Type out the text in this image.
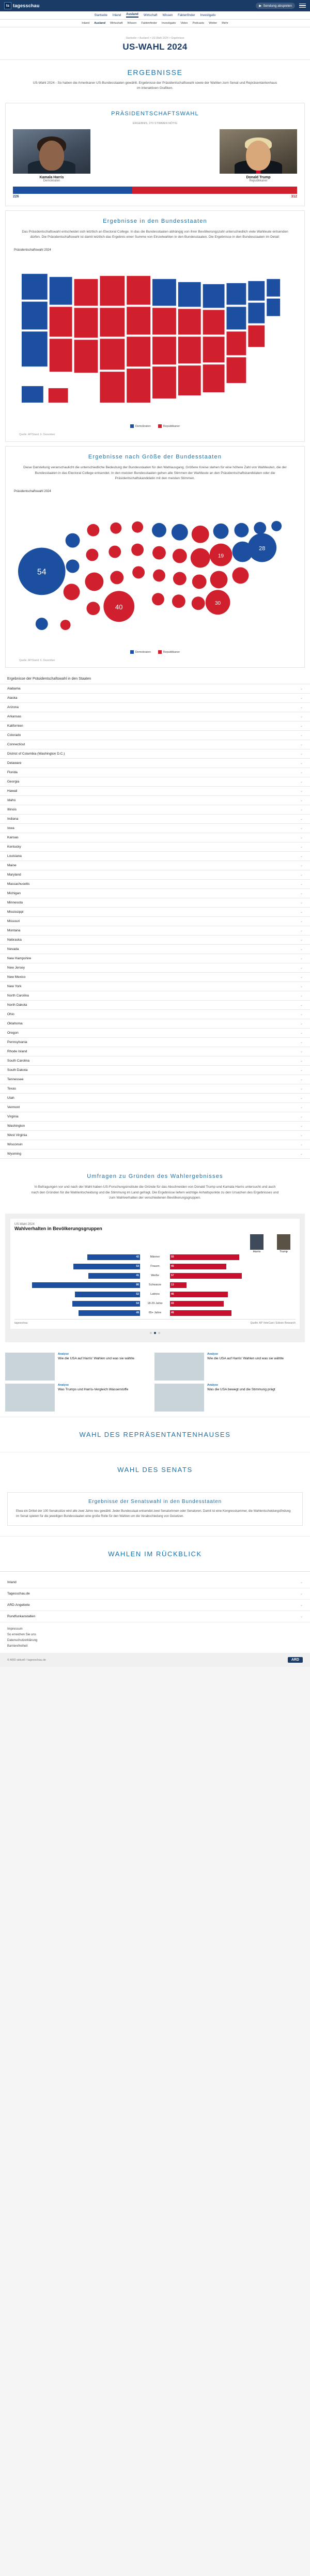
ts tagesschau	▶ Sendung abspielen
Startseite Inland Ausland Wirtschaft Wissen Faktenfinder Investigativ
Inland Ausland Wirtschaft Wissen Faktenfinder Investigativ Video Podcasts Wetter Mehr
Startseite > Ausland > US-Wahl 2024 > Ergebnisse
US-WAHL 2024
ERGEBNISSE
US-Wahl 2024 - So haben die Amerikaner US-Bundesstaaten gewählt. Ergebnisse der Präsidentschaftswahl sowie der Wahlen zum Senat und Repräsentantenhaus im interaktiven Grafiken.
PRÄSIDENTSCHAFTSWAHL
ERGEBNIS, 270 STIMMEN NÖTIG
Kamala Harris
Demokraten
Donald Trump
Republikaner
226	312
Ergebnisse in den Bundesstaaten
Das Präsidentschaftswahl entscheidet sich letztlich an Electoral College. In das die Bundesstaaten abhängig von ihrer Bevölkerungszahl unterschiedlich viele Wahlleute entsenden dürfen. Die Präsidentschaftswahl ist damit letztlich das Ergebnis einer Summe von Einzelwahlen in den Bundesstaaten. Die Ergebnisse in den Bundesstaaten im Detail:
Präsidentschaftswahl 2024
Demokraten	Republikaner
Quelle: AP/Stand: 6. Dezember
Ergebnisse nach Größe der Bundesstaaten
Diese Darstellung veranschaulicht die unterschiedliche Bedeutung der Bundesstaaten für den Wahlausgang. Größere Kreise stehen für eine höhere Zahl von Wahlleuten, die der Bundesstaaten in das Electoral College entsendet. In den meisten Bundesstaaten gehen alle Stimmen der Wahlleute an den Präsidentschaftskandidaten oder die Präsidentschaftskandidatin mit den meisten Stimmen.
Präsidentschaftswahl 2024
54
40
19
30
28
Demokraten	Republikaner
Quelle: AP/Stand: 6. Dezember
Ergebnisse der Präsidentschaftswahl in den Staaten
Alabama	⌄
Alaska	⌄
Arizona	⌄
Arkansas	⌄
Kalifornien	⌄
Colorado	⌄
Connecticut	⌄
District of Columbia (Washington D.C.)	⌄
Delaware	⌄
Florida	⌄
Georgia	⌄
Hawaii	⌄
Idaho	⌄
Illinois	⌄
Indiana	⌄
Iowa	⌄
Kansas	⌄
Kentucky	⌄
Louisiana	⌄
Maine	⌄
Maryland	⌄
Massachusetts	⌄
Michigan	⌄
Minnesota	⌄
Mississippi	⌄
Missouri	⌄
Montana	⌄
Nebraska	⌄
Nevada	⌄
New Hampshire	⌄
New Jersey	⌄
New Mexico	⌄
New York	⌄
North Carolina	⌄
North Dakota	⌄
Ohio	⌄
Oklahoma	⌄
Oregon	⌄
Pennsylvania	⌄
Rhode Island	⌄
South Carolina	⌄
South Dakota	⌄
Tennessee	⌄
Texas	⌄
Utah	⌄
Vermont	⌄
Virginia	⌄
Washington	⌄
West Virginia	⌄
Wisconsin	⌄
Wyoming	⌄
Umfragen zu Gründen des Wahlergebnisses
In Befragungen vor und nach der Wahl haben US-Forschungsinstitute die Gründe für das Abschneiden von Donald Trump und Kamala Harris untersucht und auch nach den Gründen für die Wahlentscheidung und die Stimmung im Land gefragt. Die Ergebnisse liefern wichtige Anhaltspunkte zu den Ursachen des Ergebnisses und zum Wahlverhalten der verschiedenen Bevölkerungsgruppen.
US-Wahl 2024
Wahlverhalten in Bevölkerungsgruppen
Harris	Trump
42	Männer	55
53	Frauen	45
41	Weiße	57
86	Schwarze	13
52	Latinos	46
54	18-29 Jahre	43
49	65+ Jahre	49
tagesschau	Quelle: AP VoteCast / Edison Research
Analyse
Wie die USA auf Harris' Wahlen und was sie wählte
Analyse
Wie die USA auf Harris' Wahlen und was sie wählte
Analyse
Was Trumps und Harris-Vergleich Wasserstoffe
Analyse
Was die USA bewegt und die Stimmung prägt
WAHL DES REPRÄSENTANTENHAUSES
WAHL DES SENATS
Ergebnisse der Senatswahl in den Bundesstaaten

Etwa ein Drittel der 100 Senatssitze wird alle zwei Jahre neu gewählt. Jeder Bundesstaat entsendet zwei Senatorinnen oder Senatoren. Damit ist eine Kongresskammer, die Wahlentscheidungsfindung im Senat spielen für die jeweiligen Bundesstaaten eine große Rolle für den Wahlen um die Verabschiedung von Gesetzen.

WAHLEN IM RÜCKBLICK
Inland	⌄
Tagesschau.de	⌄
ARD-Angebote	⌄
Rundfunkanstalten	⌄
Impressum
So erreichen Sie uns
Datenschutzerklärung
Barrierefreiheit
© ARD-aktuell / tagesschau.de	ARD
